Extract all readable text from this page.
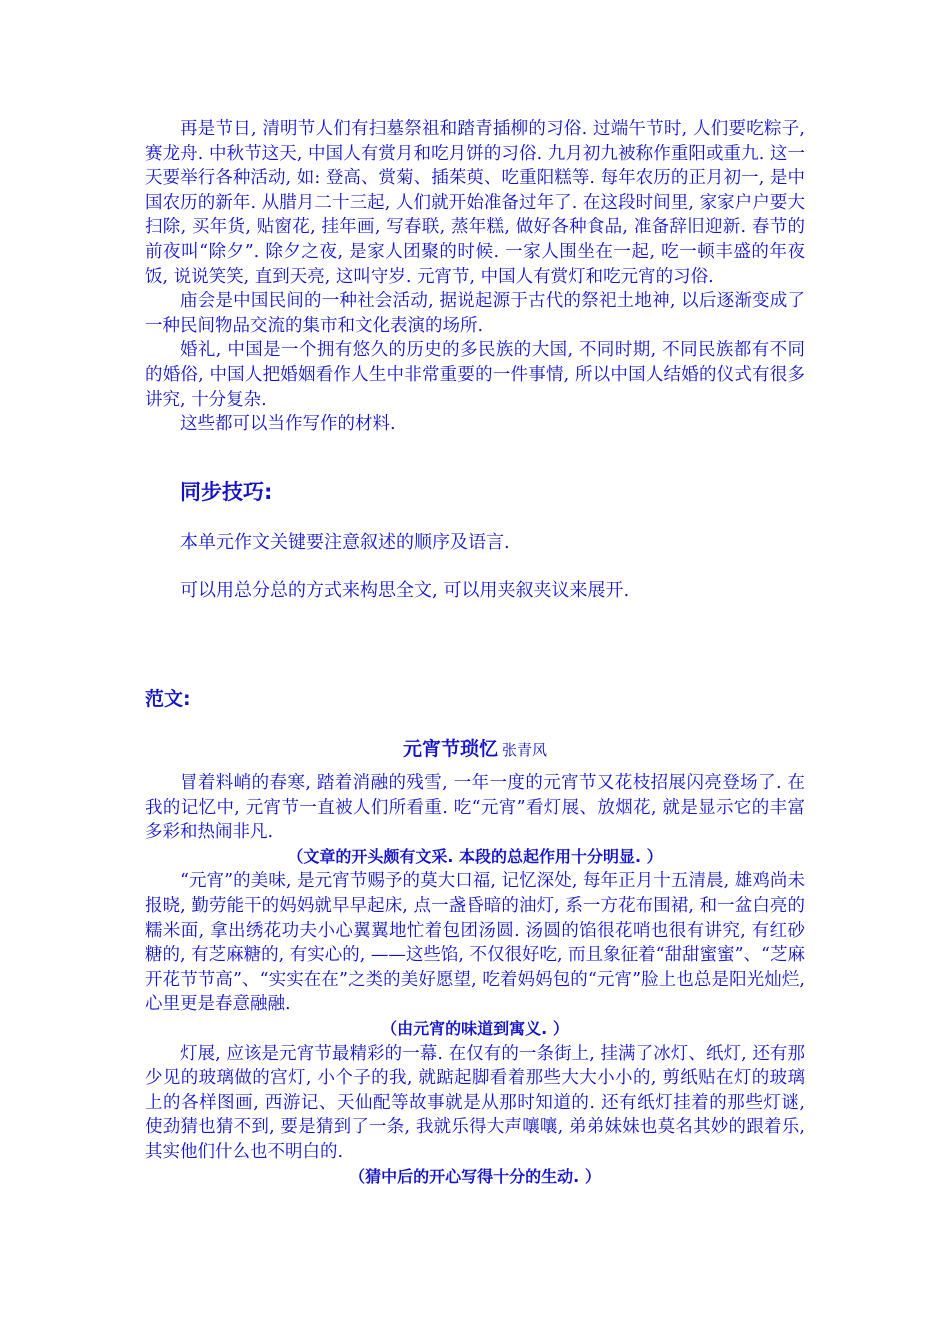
再是节日, 清明节人们有扫墓祭祖和踏青插柳的习俗. 过端午节时, 人们要吃粽子, 赛龙舟. 中秋节这天, 中国人有赏月和吃月饼的习俗. 九月初九被称作重阳或重九. 这一天要举行各种活动, 如: 登高、赏菊、插茱萸、吃重阳糕等. 每年农历的正月初一, 是中国农历的新年. 从腊月二十三起, 人们就开始准备过年了. 在这段时间里, 家家户户要大扫除, 买年货, 贴窗花, 挂年画, 写春联, 蒸年糕, 做好各种食品, 准备辞旧迎新. 春节的前夜叫“除夕”. 除夕之夜, 是家人团聚的时候. 一家人围坐在一起, 吃一顿丰盛的年夜饭, 说说笑笑, 直到天亮, 这叫守岁. 元宵节, 中国人有赏灯和吃元宵的习俗.

庙会是中国民间的一种社会活动, 据说起源于古代的祭祀土地神, 以后逐渐变成了一种民间物品交流的集市和文化表演的场所.

婚礼, 中国是一个拥有悠久的历史的多民族的大国, 不同时期, 不同民族都有不同的婚俗, 中国人把婚姻看作人生中非常重要的一件事情, 所以中国人结婚的仪式有很多讲究, 十分复杂.

这些都可以当作写作的材料.

同步技巧:

本单元作文关键要注意叙述的顺序及语言.

可以用总分总的方式来构思全文, 可以用夹叙夹议来展开.

范文:
元宵节琐忆 张青风

冒着料峭的春寒, 踏着消融的残雪, 一年一度的元宵节又花枝招展闪亮登场了. 在我的记忆中, 元宵节一直被人们所看重. 吃“元宵”看灯展、放烟花, 就是显示它的丰富多彩和热闹非凡.

（文章的开头颇有文采. 本段的总起作用十分明显. ）

“元宵”的美味, 是元宵节赐予的莫大口福, 记忆深处, 每年正月十五清晨, 雄鸡尚未报晓, 勤劳能干的妈妈就早早起床, 点一盏昏暗的油灯, 系一方花布围裙, 和一盆白亮的糯米面, 拿出绣花功夫小心翼翼地忙着包团汤圆. 汤圆的馅很花哨也很有讲究, 有红砂糖的, 有芝麻糖的, 有实心的, ——这些馅, 不仅很好吃, 而且象征着“甜甜蜜蜜”、“芝麻开花节节高”、“实实在在”之类的美好愿望, 吃着妈妈包的“元宵”脸上也总是阳光灿烂, 心里更是春意融融.

（由元宵的味道到寓义. ）

灯展, 应该是元宵节最精彩的一幕. 在仅有的一条街上, 挂满了冰灯、纸灯, 还有那少见的玻璃做的宫灯, 小个子的我, 就踮起脚看着那些大大小小的, 剪纸贴在灯的玻璃上的各样图画, 西游记、天仙配等故事就是从那时知道的. 还有纸灯挂着的那些灯谜, 使劲猜也猜不到, 要是猜到了一条, 我就乐得大声嚷嚷, 弟弟妹妹也莫名其妙的跟着乐, 其实他们什么也不明白的.

（猜中后的开心写得十分的生动. ）
